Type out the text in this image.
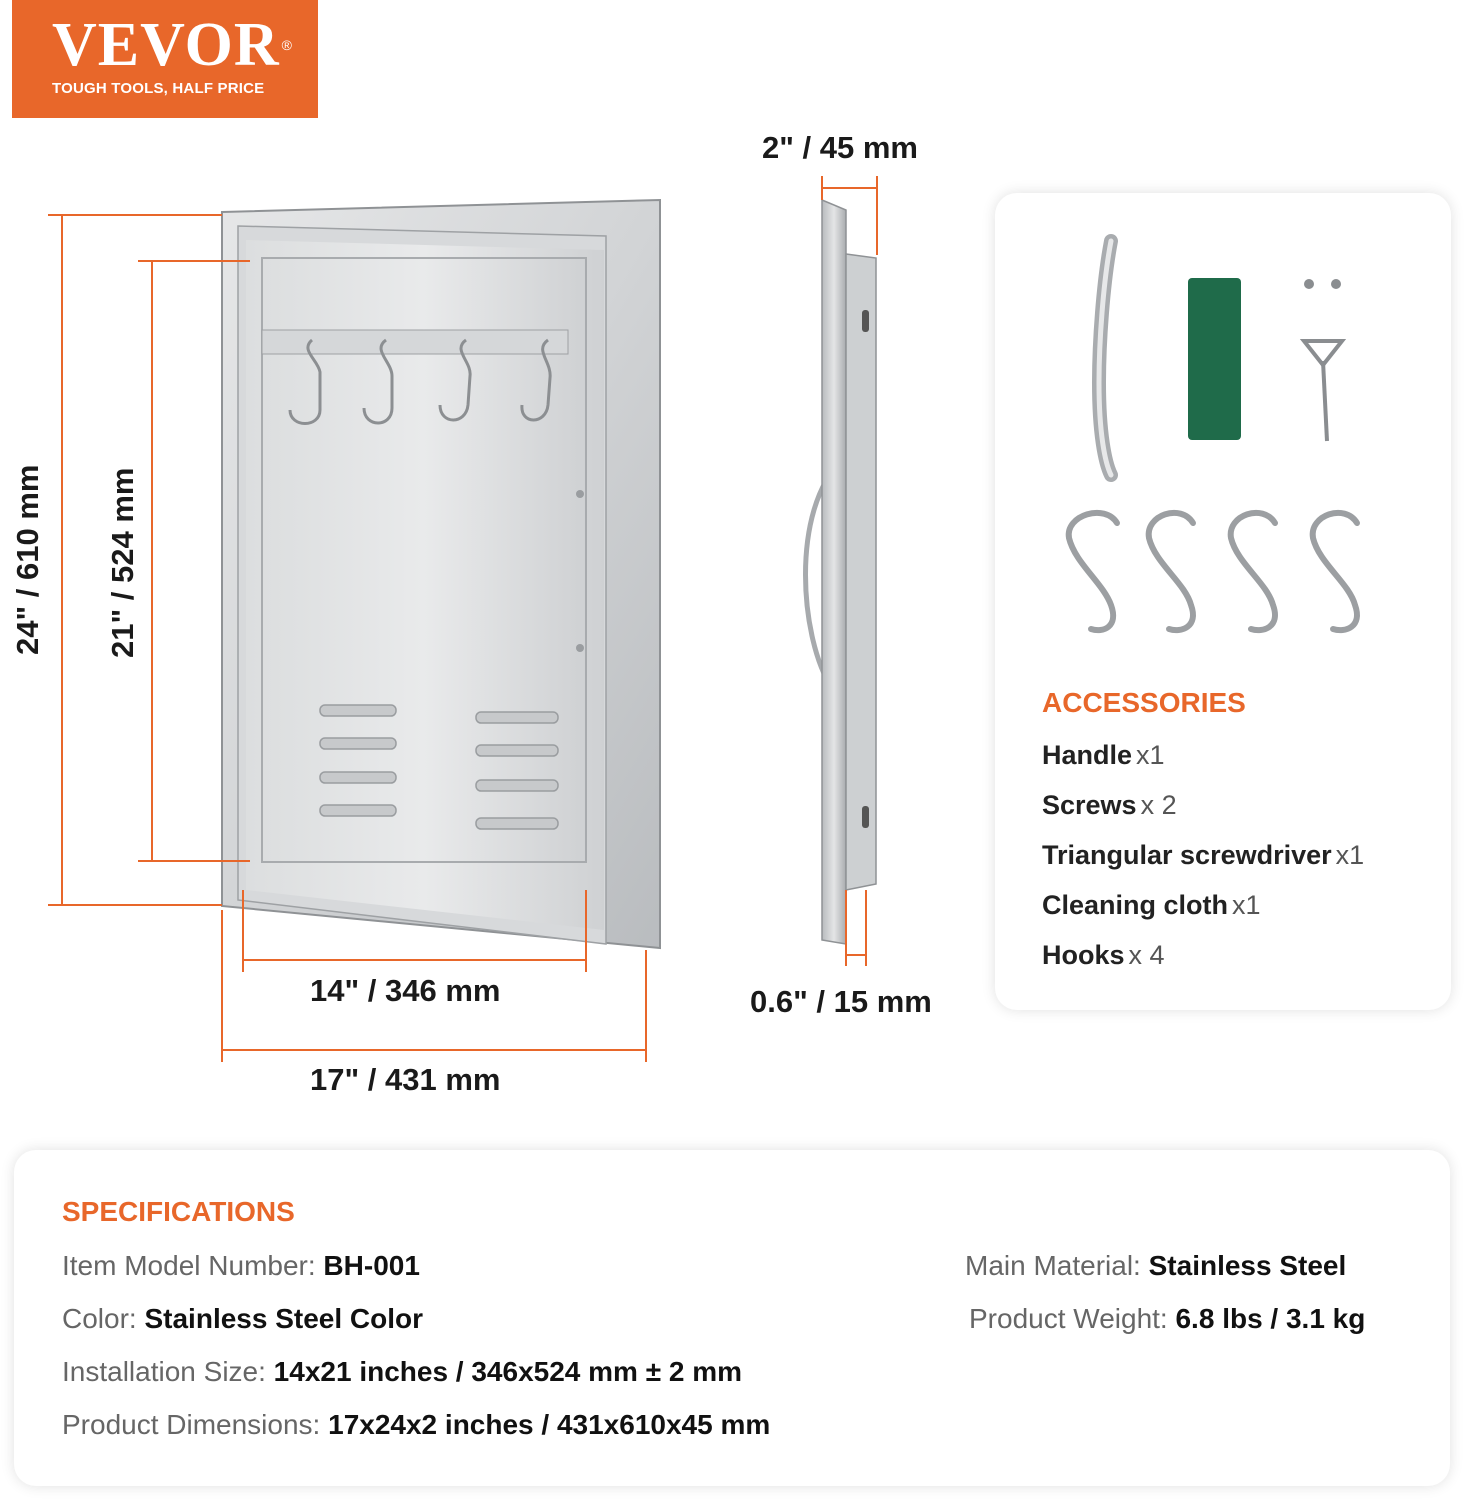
VEVOR ®
TOUGH TOOLS, HALF PRICE
2" / 45 mm
0.6" / 15 mm
14" / 346 mm
17" / 431 mm
24" / 610 mm 21" / 524 mm
ACCESSORIES
Handle x1
Screws x 2
Triangular screwdriver x1
Cleaning cloth x1
Hooks x 4
SPECIFICATIONS
Item Model Number: BH-001
Color: Stainless Steel Color
Installation Size: 14x21 inches / 346x524 mm ± 2 mm
Product Dimensions: 17x24x2 inches / 431x610x45 mm
Main Material: Stainless Steel
Product Weight: 6.8 lbs / 3.1 kg
